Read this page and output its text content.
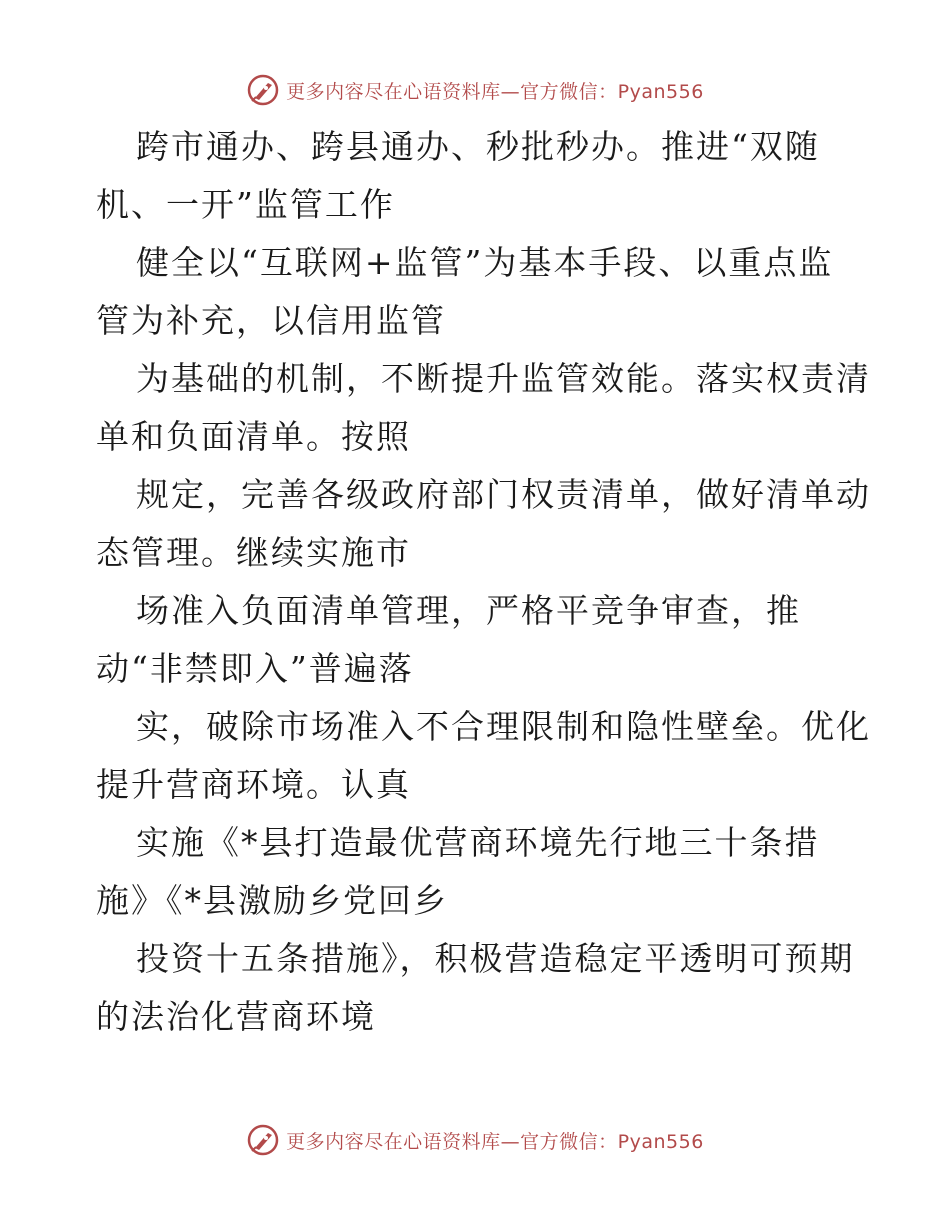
更多内容尽在心语资料库—官方微信：Pyan556
跨市通办、跨县通办、秒批秒办。推进“双随
机、一开”监管工作
健全以“互联网+监管”为基本手段、以重点监
管为补充，以信用监管
为基础的机制，不断提升监管效能。落实权责清
单和负面清单。按照
规定，完善各级政府部门权责清单，做好清单动
态管理。继续实施市
场准入负面清单管理，严格平竞争审查，推
动“非禁即入”普遍落
实，破除市场准入不合理限制和隐性壁垒。优化
提升营商环境。认真
实施《*县打造最优营商环境先行地三十条措
施》《*县激励乡党回乡
投资十五条措施》，积极营造稳定平透明可预期
的法治化营商环境
更多内容尽在心语资料库—官方微信：Pyan556
